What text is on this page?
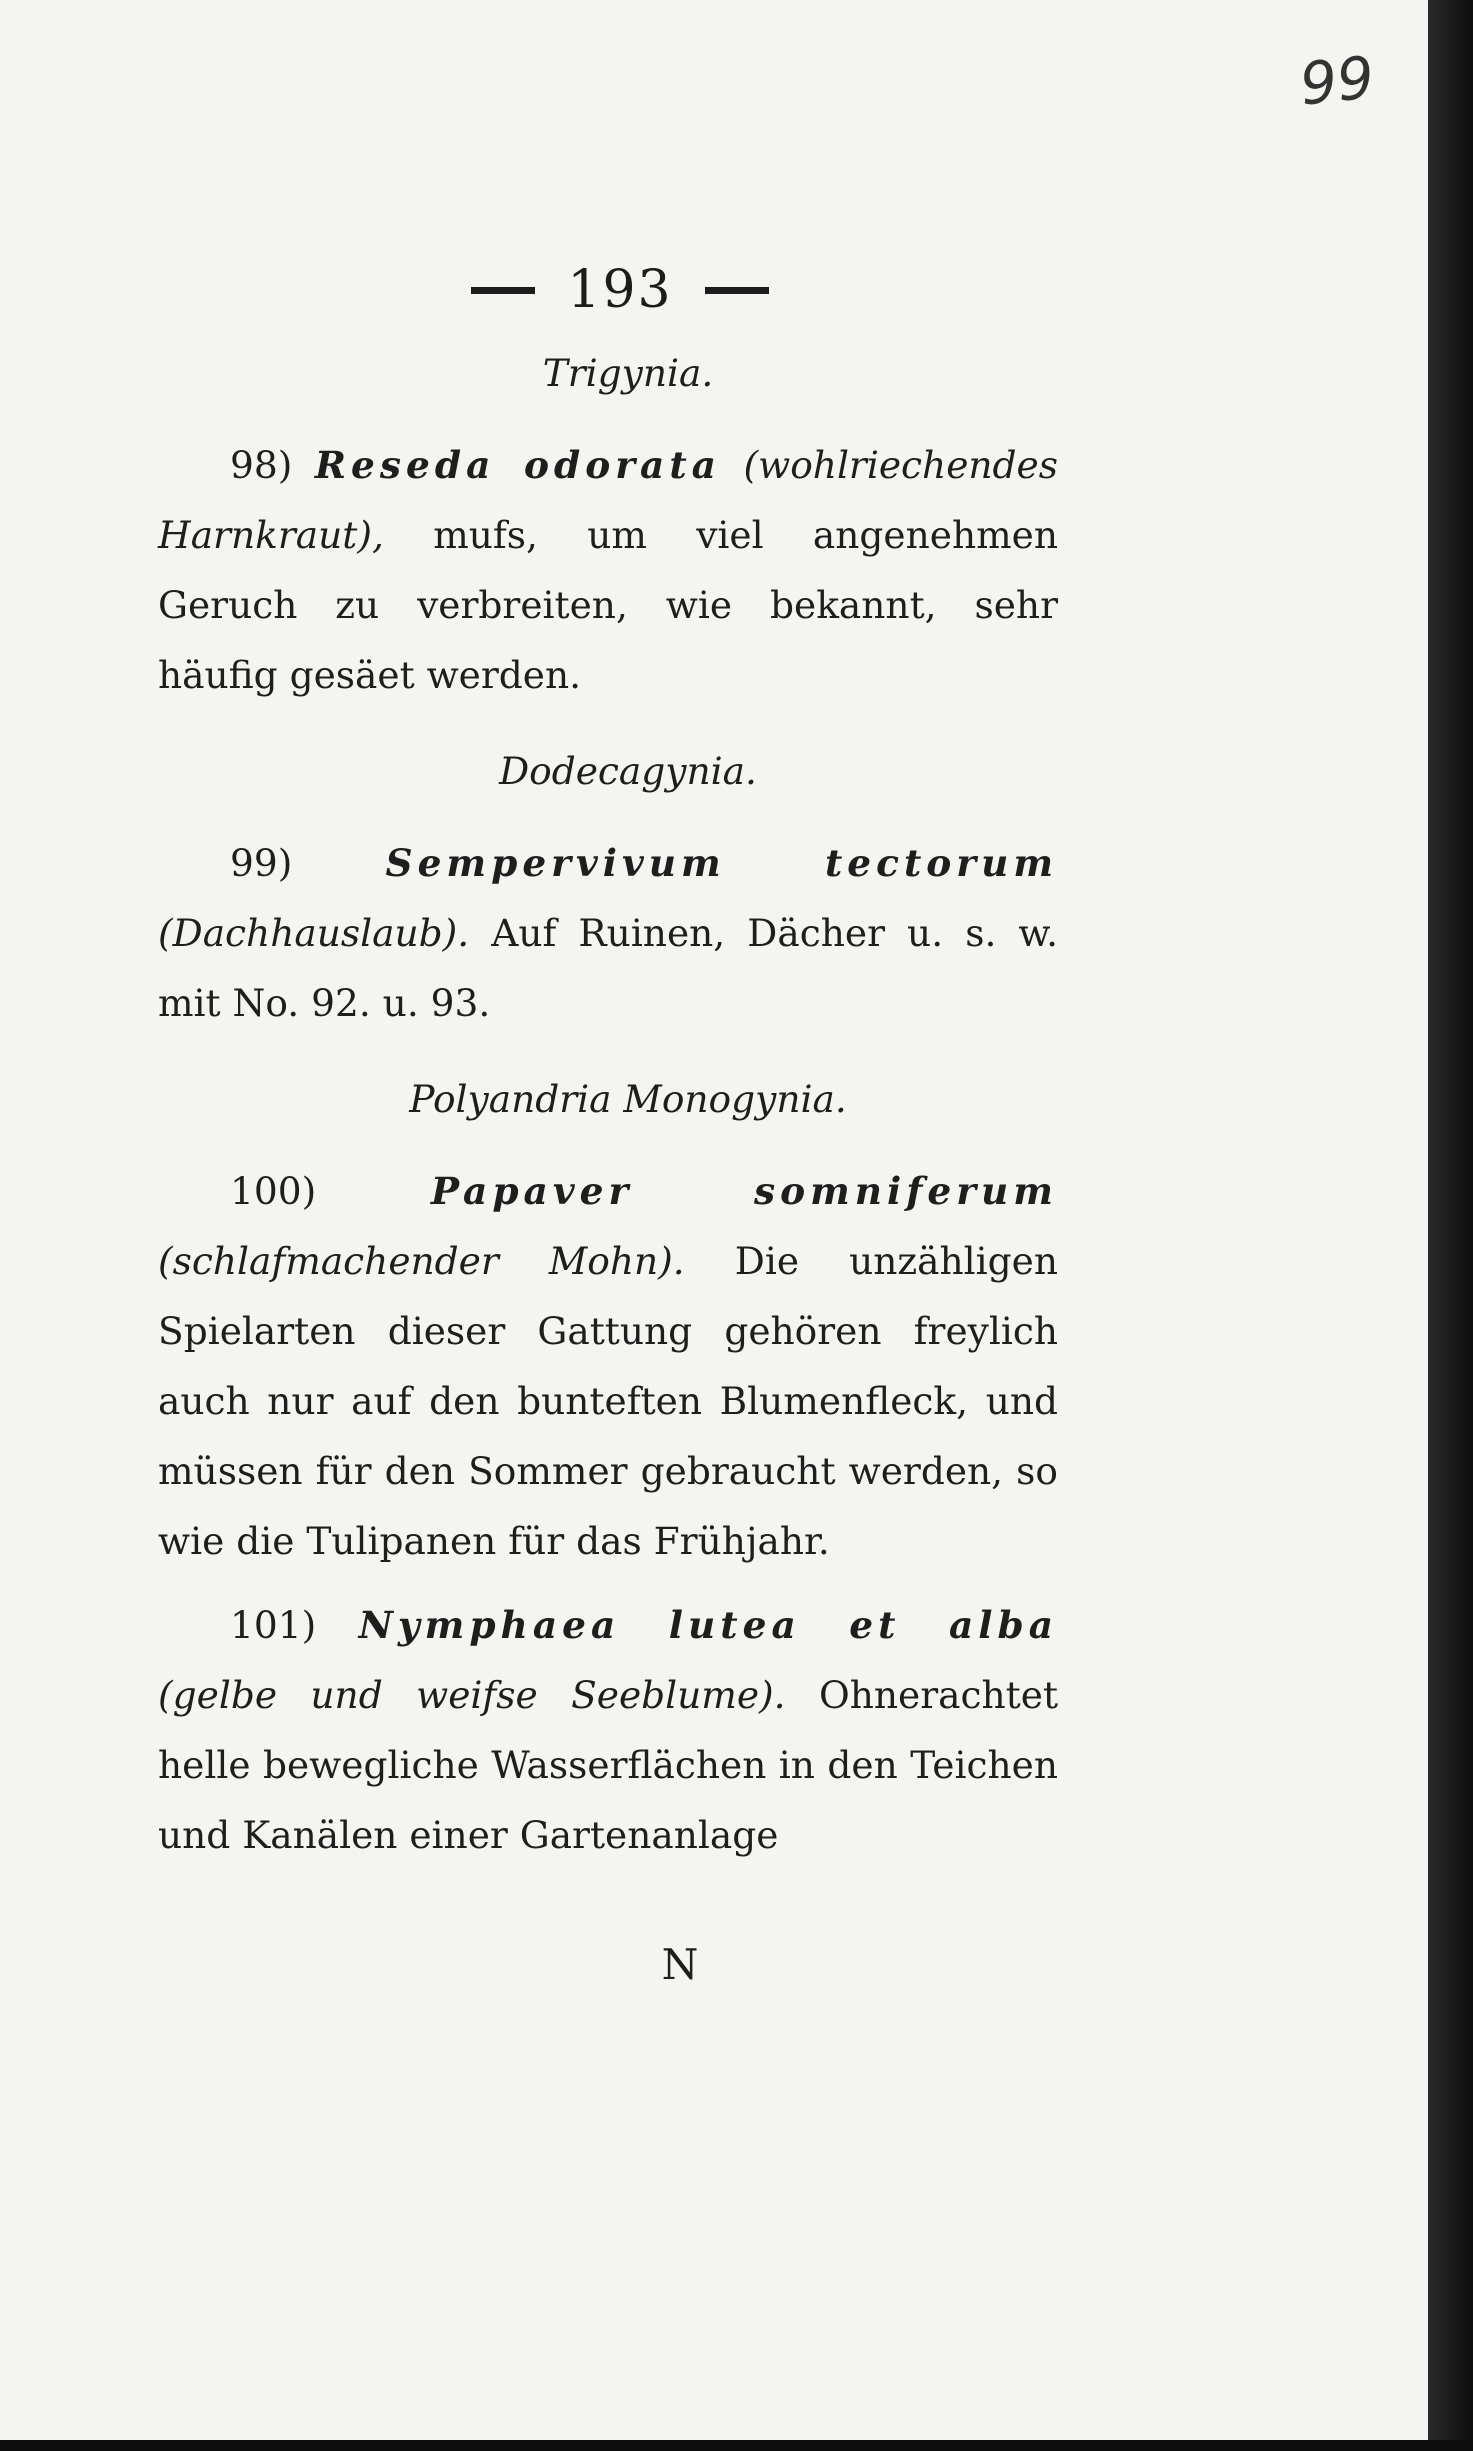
99
193

Trigynia.

98) Reseda odorata (wohlriechendes Harnkraut), mufs, um viel angenehmen Geruch zu verbreiten, wie bekannt, sehr häufig gesäet werden.

Dodecagynia.

99) Sempervivum tectorum (Dachhauslaub). Auf Ruinen, Dächer u. s. w. mit No. 92. u. 93.

Polyandria Monogynia.

100)	Papaver somniferum (schlafmachender Mohn). Die unzähligen Spielarten dieser Gattung gehören freylich auch nur auf den bunteften Blumenfleck, und müssen für den Sommer gebraucht werden, so wie die Tulipanen für das Frühjahr.

101) Nymphaea lutea et alba (gelbe und weifse Seeblume). Ohnerachtet helle bewegliche Wasserflächen in den Teichen und Kanälen einer Gartenanlage

N
